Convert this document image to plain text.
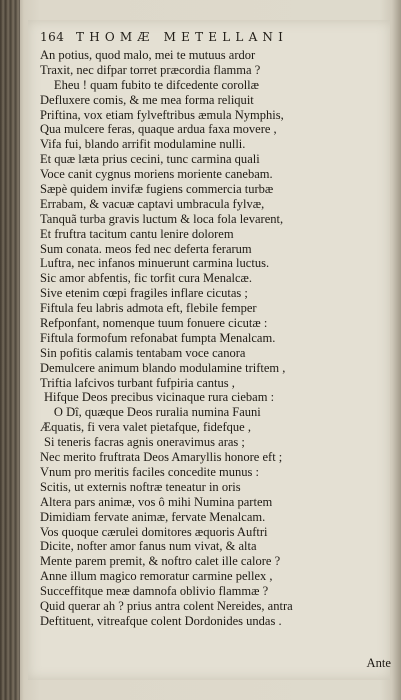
164 THOMÆ METELLANI
An potius, quod malo, mei te mutuus ardor
Traxit, nec difpar torret præcordia flamma ?
Eheu ! quam fubito te difcedente corollæ
Defluxere comis, & me mea forma reliquit
Priftina, vox etiam fylveftribus æmula Nymphis,
Qua mulcere feras, quaque ardua faxa movere ,
Vifa fui, blando arrifit modulamine nulli.
Et quæ læta prius cecini, tunc carmina quali
Voce canit cygnus moriens moriente canebam.
Sæpè quidem invifæ fugiens commercia turbæ
Errabam, & vacuæ captavi umbracula fylvæ,
Tanquã turba gravis luctum & loca fola levarent,
Et fruftra tacitum cantu lenire dolorem
Sum conata. meos fed nec deferta ferarum
Luftra, nec infanos minuerunt carmina luctus.
Sic amor abfentis, fic torfit cura Menalcæ.
Sive etenim cœpi fragiles inflare cicutas ;
Fiftula feu labris admota eft, flebile femper
Refponfant, nomenque tuum fonuere cicutæ :
Fiftula formofum refonabat fumpta Menalcam.
Sin pofitis calamis tentabam voce canora
Demulcere animum blando modulamine triftem ,
Triftia lafcivos turbant fufpiria cantus ,
Hifque Deos precibus vicinaque rura ciebam :
O Dî, quæque Deos ruralia numina Fauni
Æquatis, fi vera valet pietafque, fidefque ,
Si teneris facras agnis oneravimus aras ;
Nec merito fruftrata Deos Amaryllis honore eft ;
Vnum pro meritis faciles concedite munus :
Scitis, ut externis noftræ teneatur in oris
Altera pars animæ, vos ô mihi Numina partem
Dimidiam fervate animæ, fervate Menalcam.
Vos quoque cærulei domitores æquoris Auftri
Dicite, nofter amor fanus num vivat, & alta
Mente parem premit, & noftro calet ille calore ?
Anne illum magico remoratur carmine pellex ,
Succeffitque meæ damnofa oblivio flammæ ?
Quid querar ah ? prius antra colent Nereides, antra
Deftituent, vitreafque colent Dordonides undas .
Ante
